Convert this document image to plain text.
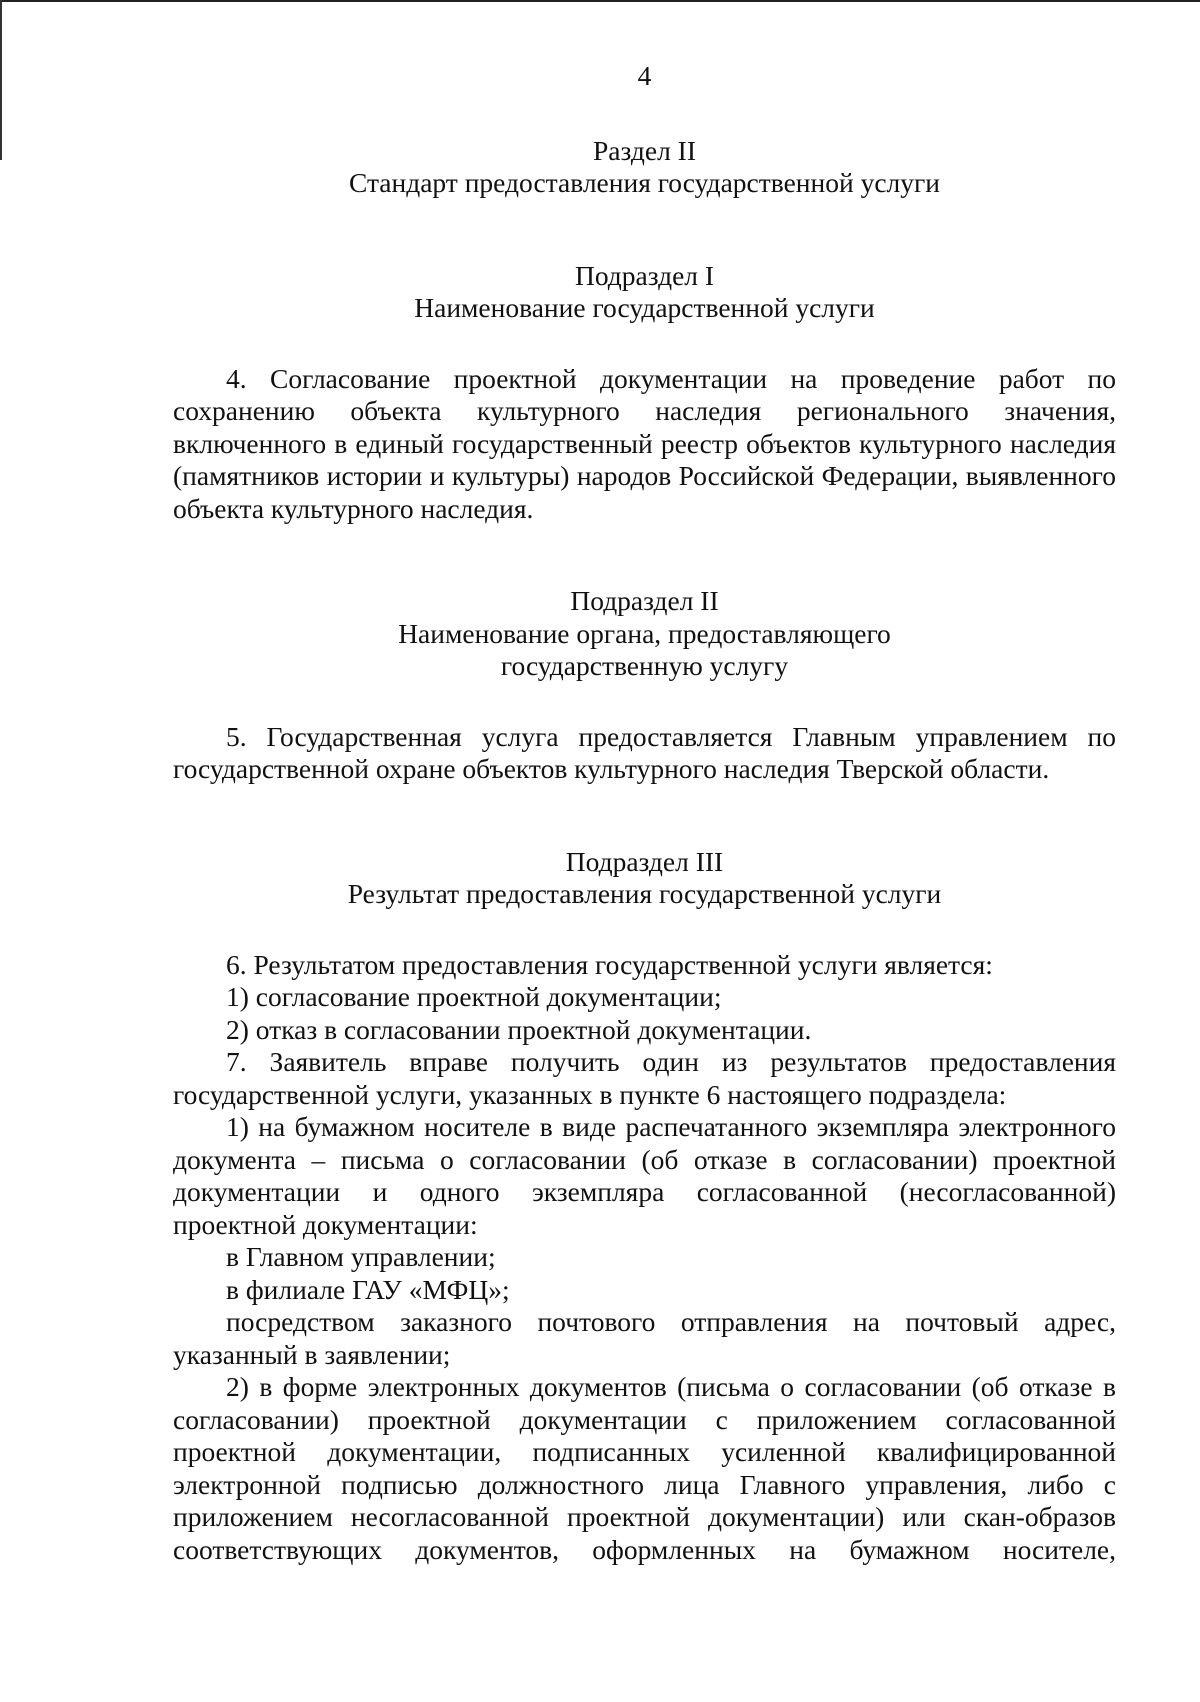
4
Раздел II
Стандарт предоставления государственной услуги
Подраздел I
Наименование государственной услуги

4. Согласование проектной документации на проведение работ по сохранению объекта культурного наследия регионального значения, включенного в единый государственный реестр объектов культурного наследия (памятников истории и культуры) народов Российской Федерации, выявленного объекта культурного наследия.

Подраздел II
Наименование органа, предоставляющего
государственную услугу

5. Государственная услуга предоставляется Главным управлением по государственной охране объектов культурного наследия Тверской области.

Подраздел III
Результат предоставления государственной услуги

6. Результатом предоставления государственной услуги является:

1) согласование проектной документации;

2) отказ в согласовании проектной документации.

7. Заявитель вправе получить один из результатов предоставления государственной услуги, указанных в пункте 6 настоящего подраздела:

1) на бумажном носителе в виде распечатанного экземпляра электронного документа – письма о согласовании (об отказе в согласовании) проектной документации и одного экземпляра согласованной (несогласованной) проектной документации:

в Главном управлении;

в филиале ГАУ «МФЦ»;

посредством заказного почтового отправления на почтовый адрес, указанный в заявлении;

2) в форме электронных документов (письма о согласовании (об отказе в согласовании) проектной документации с приложением согласованной проектной документации, подписанных усиленной квалифицированной электронной подписью должностного лица Главного управления, либо с приложением несогласованной проектной документации) или скан-образов соответствующих документов, оформленных на бумажном носителе,
